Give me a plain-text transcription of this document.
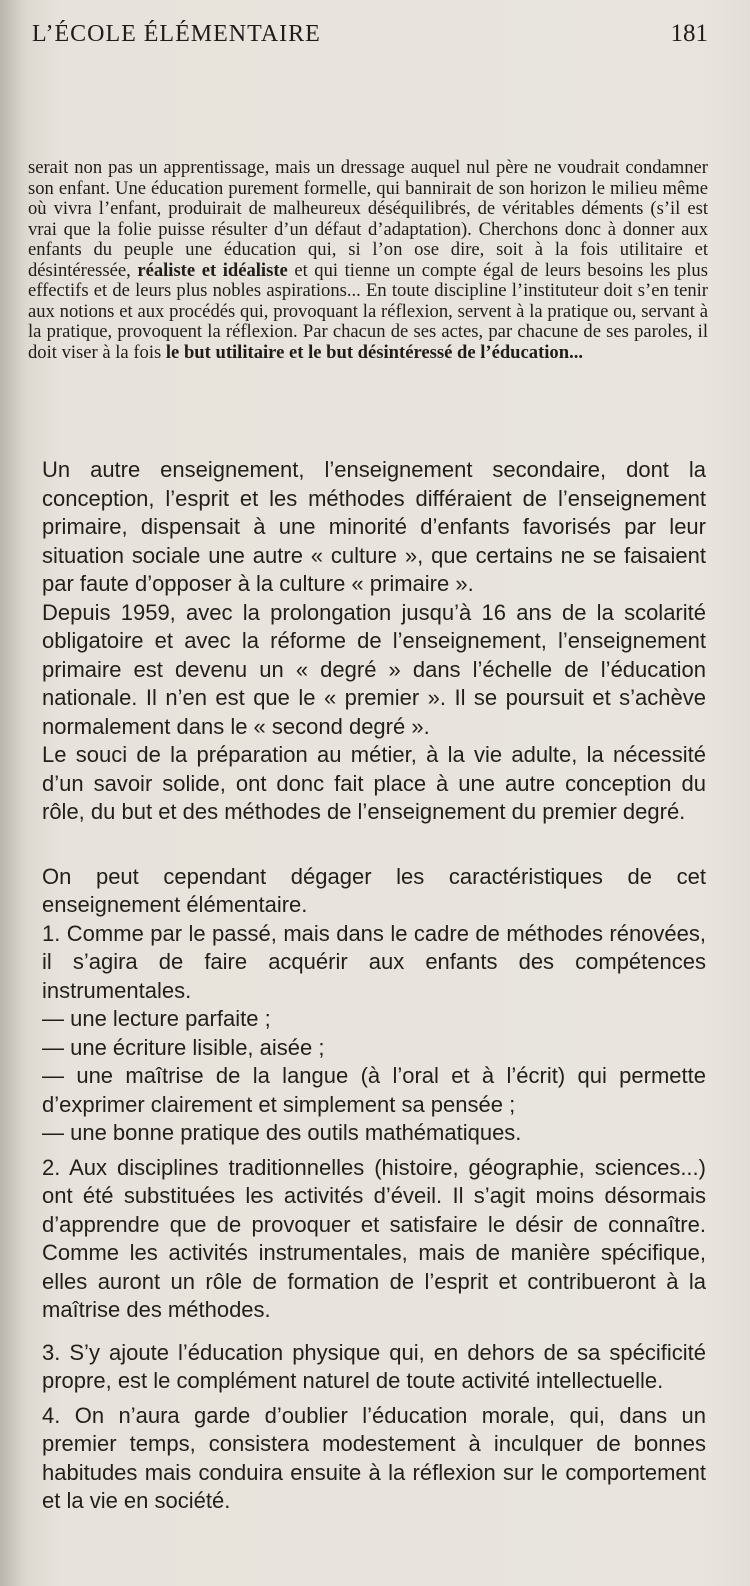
L’ÉCOLE ÉLÉMENTAIRE	181
serait non pas un apprentissage, mais un dressage auquel nul père ne voudrait condamner son enfant. Une éducation purement formelle, qui bannirait de son horizon le milieu même où vivra l’enfant, produirait de malheureux déséquilibrés, de véritables déments (s’il est vrai que la folie puisse résulter d’un défaut d’adaptation). Cherchons donc à donner aux enfants du peuple une éducation qui, si l’on ose dire, soit à la fois utilitaire et désintéressée, réaliste et idéaliste et qui tienne un compte égal de leurs besoins les plus effectifs et de leurs plus nobles aspirations... En toute discipline l’instituteur doit s’en tenir aux notions et aux procédés qui, provoquant la réflexion, servent à la pratique ou, servant à la pratique, provoquent la réflexion. Par chacun de ses actes, par chacune de ses paroles, il doit viser à la fois le but utilitaire et le but désintéressé de l’éducation...

Un autre enseignement, l’enseignement secondaire, dont la conception, l’esprit et les méthodes différaient de l’enseignement primaire, dispensait à une minorité d’enfants favorisés par leur situation sociale une autre « culture », que certains ne se faisaient par faute d’opposer à la culture « primaire ».

Depuis 1959, avec la prolongation jusqu’à 16 ans de la scolarité obligatoire et avec la réforme de l’enseignement, l’enseignement primaire est devenu un « degré » dans l’échelle de l’éducation nationale. Il n’en est que le « premier ». Il se poursuit et s’achève normalement dans le « second degré ».

Le souci de la préparation au métier, à la vie adulte, la nécessité d’un savoir solide, ont donc fait place à une autre conception du rôle, du but et des méthodes de l’enseignement du premier degré.

On peut cependant dégager les caractéristiques de cet enseignement élémentaire.

1. Comme par le passé, mais dans le cadre de méthodes rénovées, il s’agira de faire acquérir aux enfants des compétences instrumentales.

— une lecture parfaite ;

— une écriture lisible, aisée ;

— une maîtrise de la langue (à l’oral et à l’écrit) qui permette d’exprimer clairement et simplement sa pensée ;

— une bonne pratique des outils mathématiques.

2. Aux disciplines traditionnelles (histoire, géographie, sciences...) ont été substituées les activités d’éveil. Il s’agit moins désormais d’apprendre que de provoquer et satisfaire le désir de connaître. Comme les activités instrumentales, mais de manière spécifique, elles auront un rôle de formation de l’esprit et contribueront à la maîtrise des méthodes.

3. S’y ajoute l’éducation physique qui, en dehors de sa spécificité propre, est le complément naturel de toute activité intellectuelle.

4. On n’aura garde d’oublier l’éducation morale, qui, dans un premier temps, consistera modestement à inculquer de bonnes habitudes mais conduira ensuite à la réflexion sur le comportement et la vie en société.
